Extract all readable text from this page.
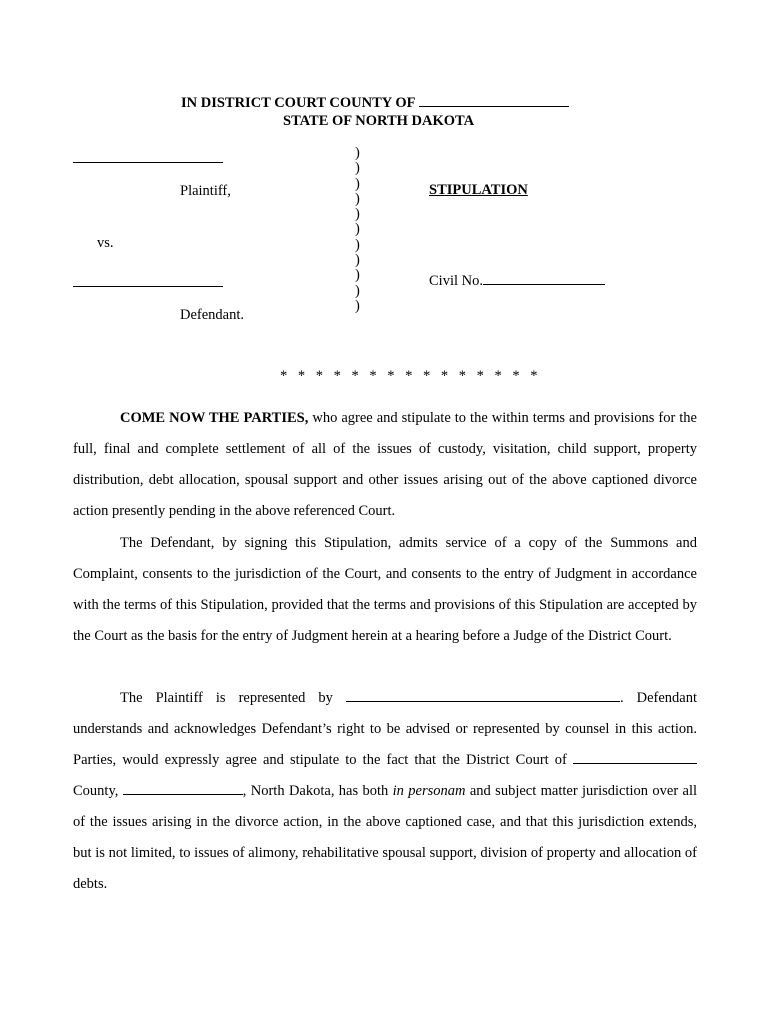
IN DISTRICT COURT COUNTY OF
STATE OF NORTH DAKOTA
Plaintiff,
vs.
Defendant.
)
)
)
)
)
)
)
)
)
)
)
STIPULATION
Civil No.
* * * * * * * * * * * * * * *
COME NOW THE PARTIES, who agree and stipulate to the within terms and provisions for the full, final and complete settlement of all of the issues of custody, visitation, child support, property distribution, debt allocation, spousal support and other issues arising out of the above captioned divorce action presently pending in the above referenced Court.
The Defendant, by signing this Stipulation, admits service of a copy of the Summons and Complaint, consents to the jurisdiction of the Court, and consents to the entry of Judgment in accordance with the terms of this Stipulation, provided that the terms and provisions of this Stipulation are accepted by the Court as the basis for the entry of Judgment herein at a hearing before a Judge of the District Court.
The Plaintiff is represented by	. Defendant understands and acknowledges Defendant’s right to be advised or represented by counsel in this action. Parties, would expressly agree and stipulate to the fact that the District Court of  County,	, North Dakota, has both in personam and subject matter jurisdiction over all of the issues arising in the divorce action, in the above captioned case, and that this jurisdiction extends, but is not limited, to issues of alimony, rehabilitative spousal support, division of property and allocation of debts.
